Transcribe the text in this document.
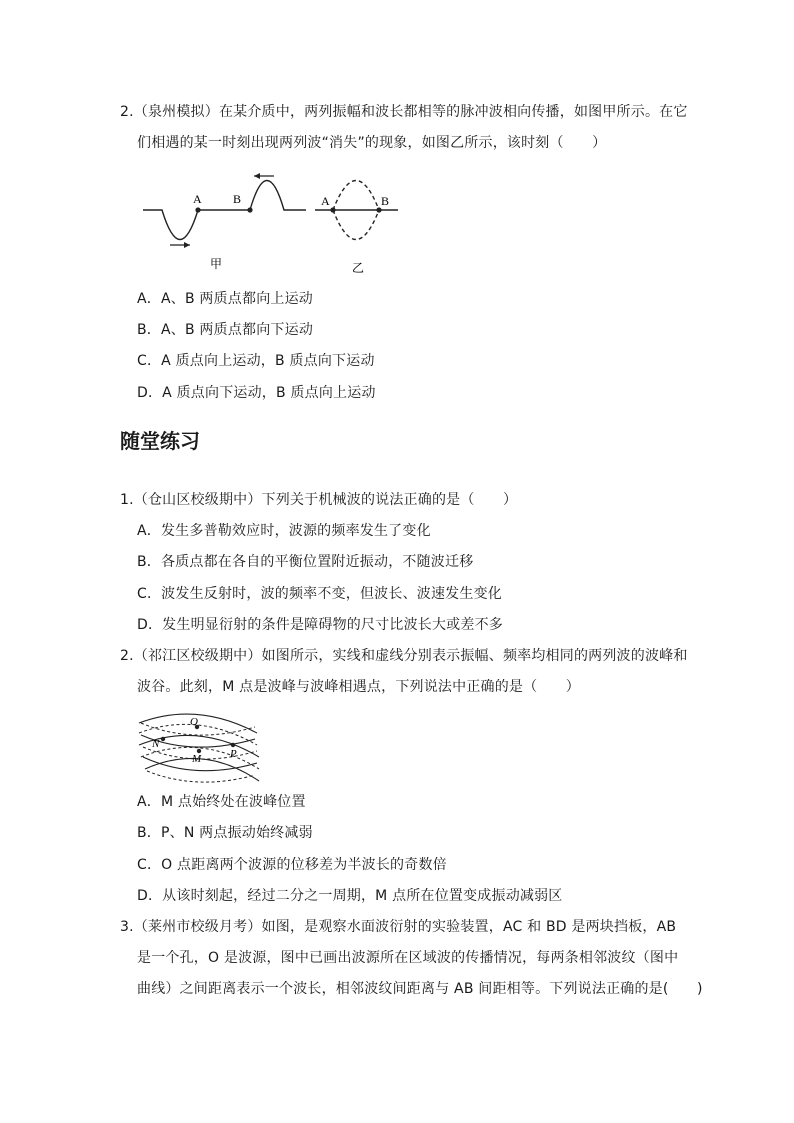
2.（泉州模拟）在某介质中，两列振幅和波长都相等的脉冲波相向传播，如图甲所示。在它
们相遇的某一时刻出现两列波“消失”的现象，如图乙所示，该时刻（　　）
A	B
甲
A	B
乙
A．A、B 两质点都向上运动
B．A、B 两质点都向下运动
C．A 质点向上运动，B 质点向下运动
D．A 质点向下运动，B 质点向上运动
随堂练习
1.（仓山区校级期中）下列关于机械波的说法正确的是（　　）
A．发生多普勒效应时，波源的频率发生了变化
B．各质点都在各自的平衡位置附近振动，不随波迁移
C．波发生反射时，波的频率不变，但波长、波速发生变化
D．发生明显衍射的条件是障碍物的尺寸比波长大或差不多
2.（祁江区校级期中）如图所示，实线和虚线分别表示振幅、频率均相同的两列波的波峰和
波谷。此刻，M 点是波峰与波峰相遇点，下列说法中正确的是（　　）
O
N
M	P
A．M 点始终处在波峰位置
B．P、N 两点振动始终减弱
C．O 点距离两个波源的位移差为半波长的奇数倍
D．从该时刻起，经过二分之一周期，M 点所在位置变成振动减弱区
3.（莱州市校级月考）如图，是观察水面波衍射的实验装置，AC 和 BD 是两块挡板，AB
是一个孔，O 是波源，图中已画出波源所在区域波的传播情况，每两条相邻波纹（图中
曲线）之间距离表示一个波长，相邻波纹间距离与 AB 间距相等。下列说法正确的是(　　)
